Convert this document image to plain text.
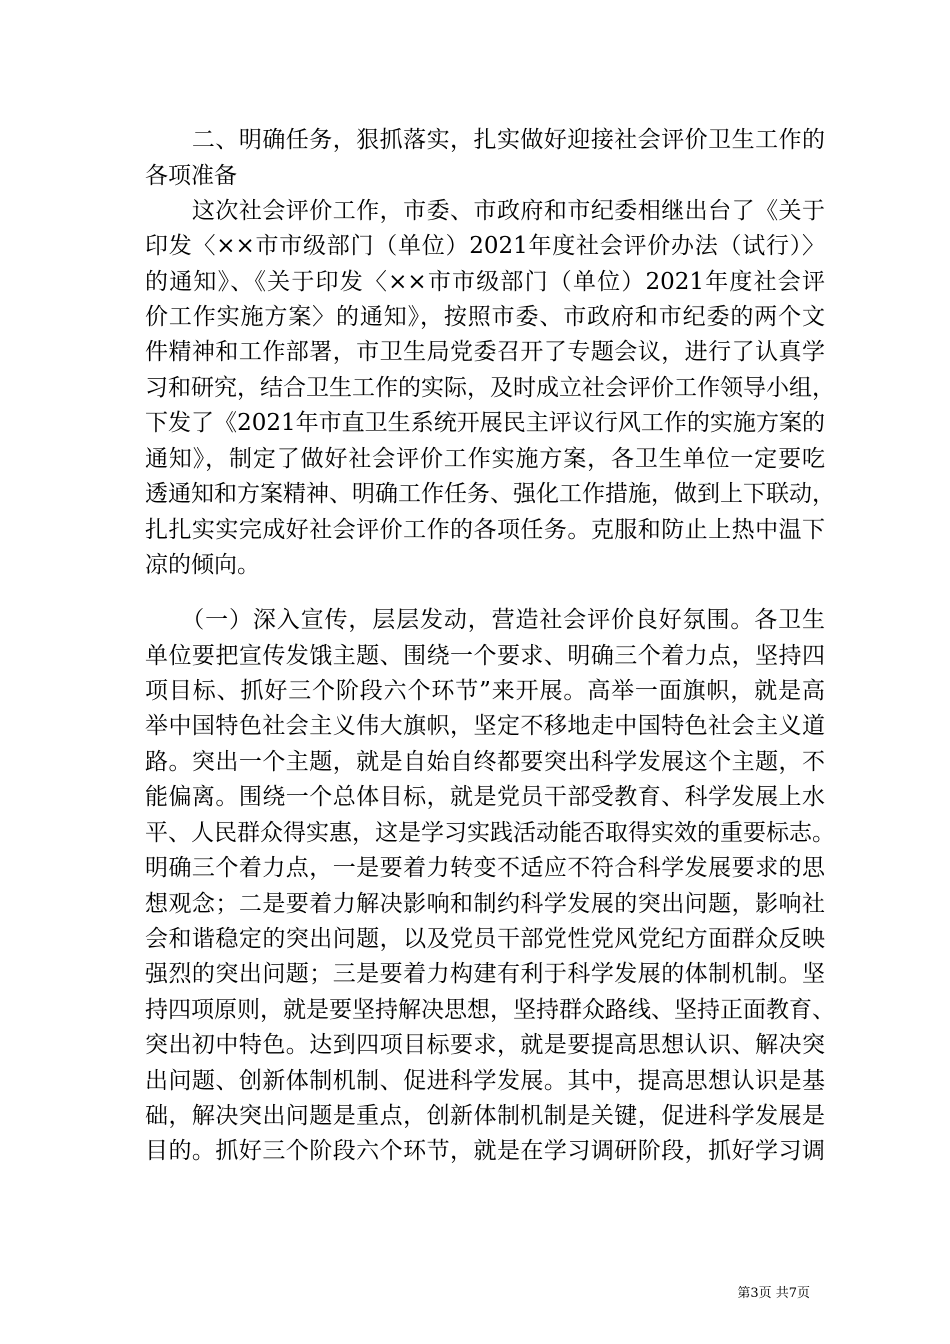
　　二、明确任务，狠抓落实，扎实做好迎接社会评价卫生工作的
各项准备
　　这次社会评价工作，市委、市政府和市纪委相继出台了《关于
印发〈××市市级部门（单位）2021年度社会评价办法（试行）〉
的通知》、《关于印发〈××市市级部门（单位）2021年度社会评
价工作实施方案〉的通知》，按照市委、市政府和市纪委的两个文
件精神和工作部署，市卫生局党委召开了专题会议，进行了认真学
习和研究，结合卫生工作的实际，及时成立社会评价工作领导小组，
下发了《2021年市直卫生系统开展民主评议行风工作的实施方案的
通知》，制定了做好社会评价工作实施方案，各卫生单位一定要吃
透通知和方案精神、明确工作任务、强化工作措施，做到上下联动，
扎扎实实完成好社会评价工作的各项任务。克服和防止上热中温下
凉的倾向。
　　（一）深入宣传，层层发动，营造社会评价良好氛围。各卫生
单位要把宣传发饿主题、围绕一个要求、明确三个着力点，坚持四
项目标、抓好三个阶段六个环节”来开展。高举一面旗帜，就是高
举中国特色社会主义伟大旗帜，坚定不移地走中国特色社会主义道
路。突出一个主题，就是自始自终都要突出科学发展这个主题，不
能偏离。围绕一个总体目标，就是党员干部受教育、科学发展上水
平、人民群众得实惠，这是学习实践活动能否取得实效的重要标志。
明确三个着力点，一是要着力转变不适应不符合科学发展要求的思
想观念；二是要着力解决影响和制约科学发展的突出问题，影响社
会和谐稳定的突出问题，以及党员干部党性党风党纪方面群众反映
强烈的突出问题；三是要着力构建有利于科学发展的体制机制。坚
持四项原则，就是要坚持解决思想，坚持群众路线、坚持正面教育、
突出初中特色。达到四项目标要求，就是要提高思想认识、解决突
出问题、创新体制机制、促进科学发展。其中，提高思想认识是基
础，解决突出问题是重点，创新体制机制是关键，促进科学发展是
目的。抓好三个阶段六个环节，就是在学习调研阶段，抓好学习调
第3页 共7页
